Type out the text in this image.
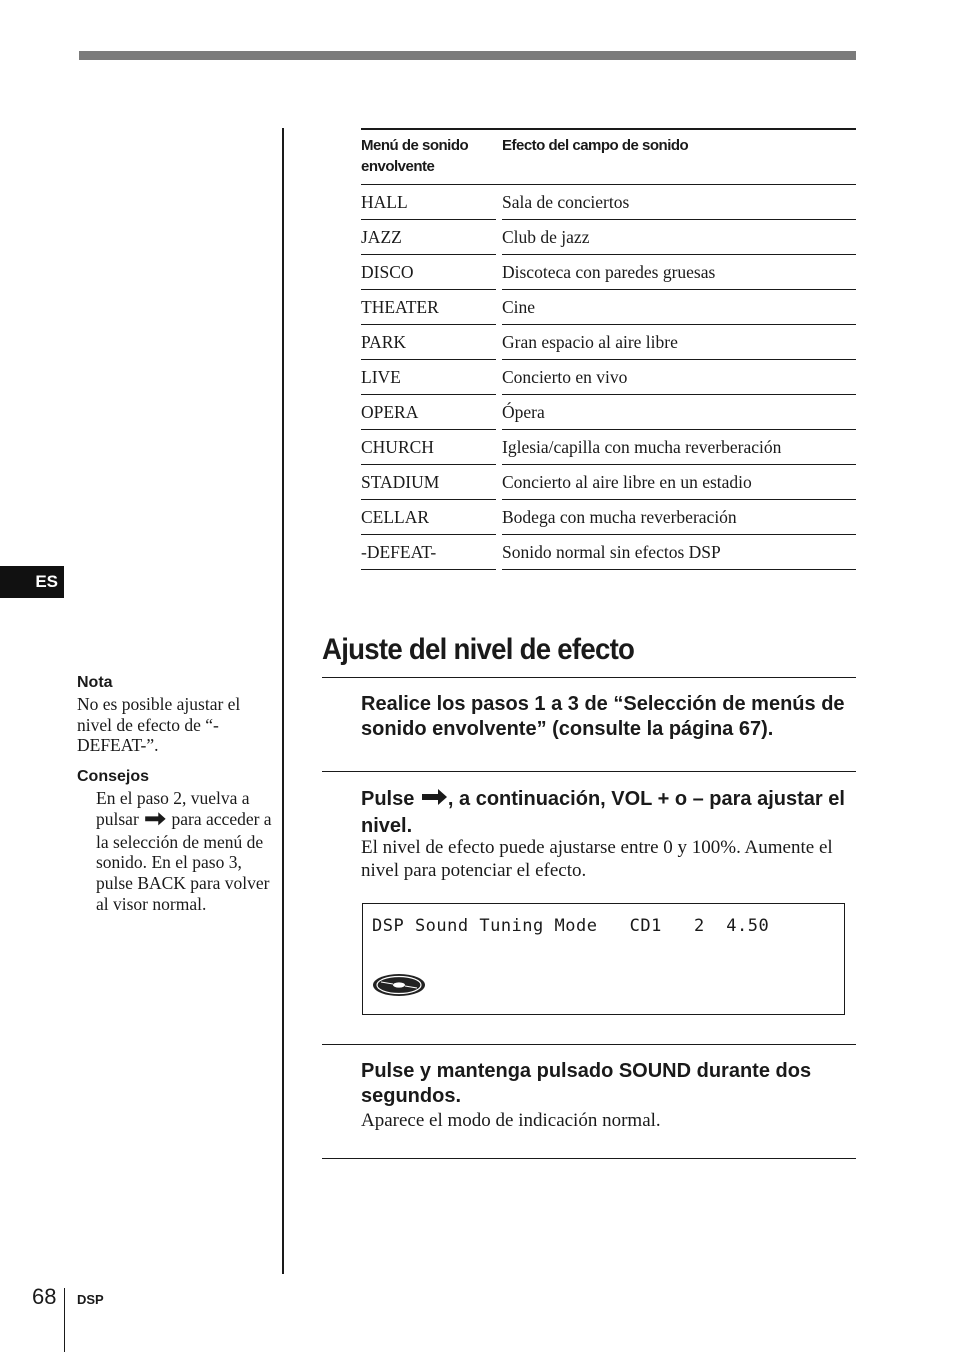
ES
Menú de sonido envolvente
Efecto del campo de sonido
HALL	Sala de conciertos
JAZZ	Club de jazz
DISCO	Discoteca con paredes gruesas
THEATER	Cine
PARK	Gran espacio al aire libre
LIVE	Concierto en vivo
OPERA	Ópera
CHURCH	Iglesia/capilla con mucha reverberación
STADIUM	Concierto al aire libre en un estadio
CELLAR	Bodega con mucha reverberación
-DEFEAT-	Sonido normal sin efectos DSP
Ajuste del nivel de efecto
Realice los pasos 1 a 3 de “Selección de menús de sonido envolvente” (consulte la página 67).
Pulse , a continuación, VOL + o – para ajustar el nivel.
El nivel de efecto puede ajustarse entre 0 y 100%. Aumente el nivel para potenciar el efecto.
DSP Sound Tuning Mode   CD1   2  4.50
Pulse y mantenga pulsado SOUND durante dos segundos.
Aparece el modo de indicación normal.
Nota
No es posible ajustar el nivel de efecto de “-DEFEAT-”.
Consejos
En el paso 2, vuelva a pulsar para acceder a la selección de menú de sonido. En el paso 3, pulse BACK para volver al visor normal.
68 DSP
